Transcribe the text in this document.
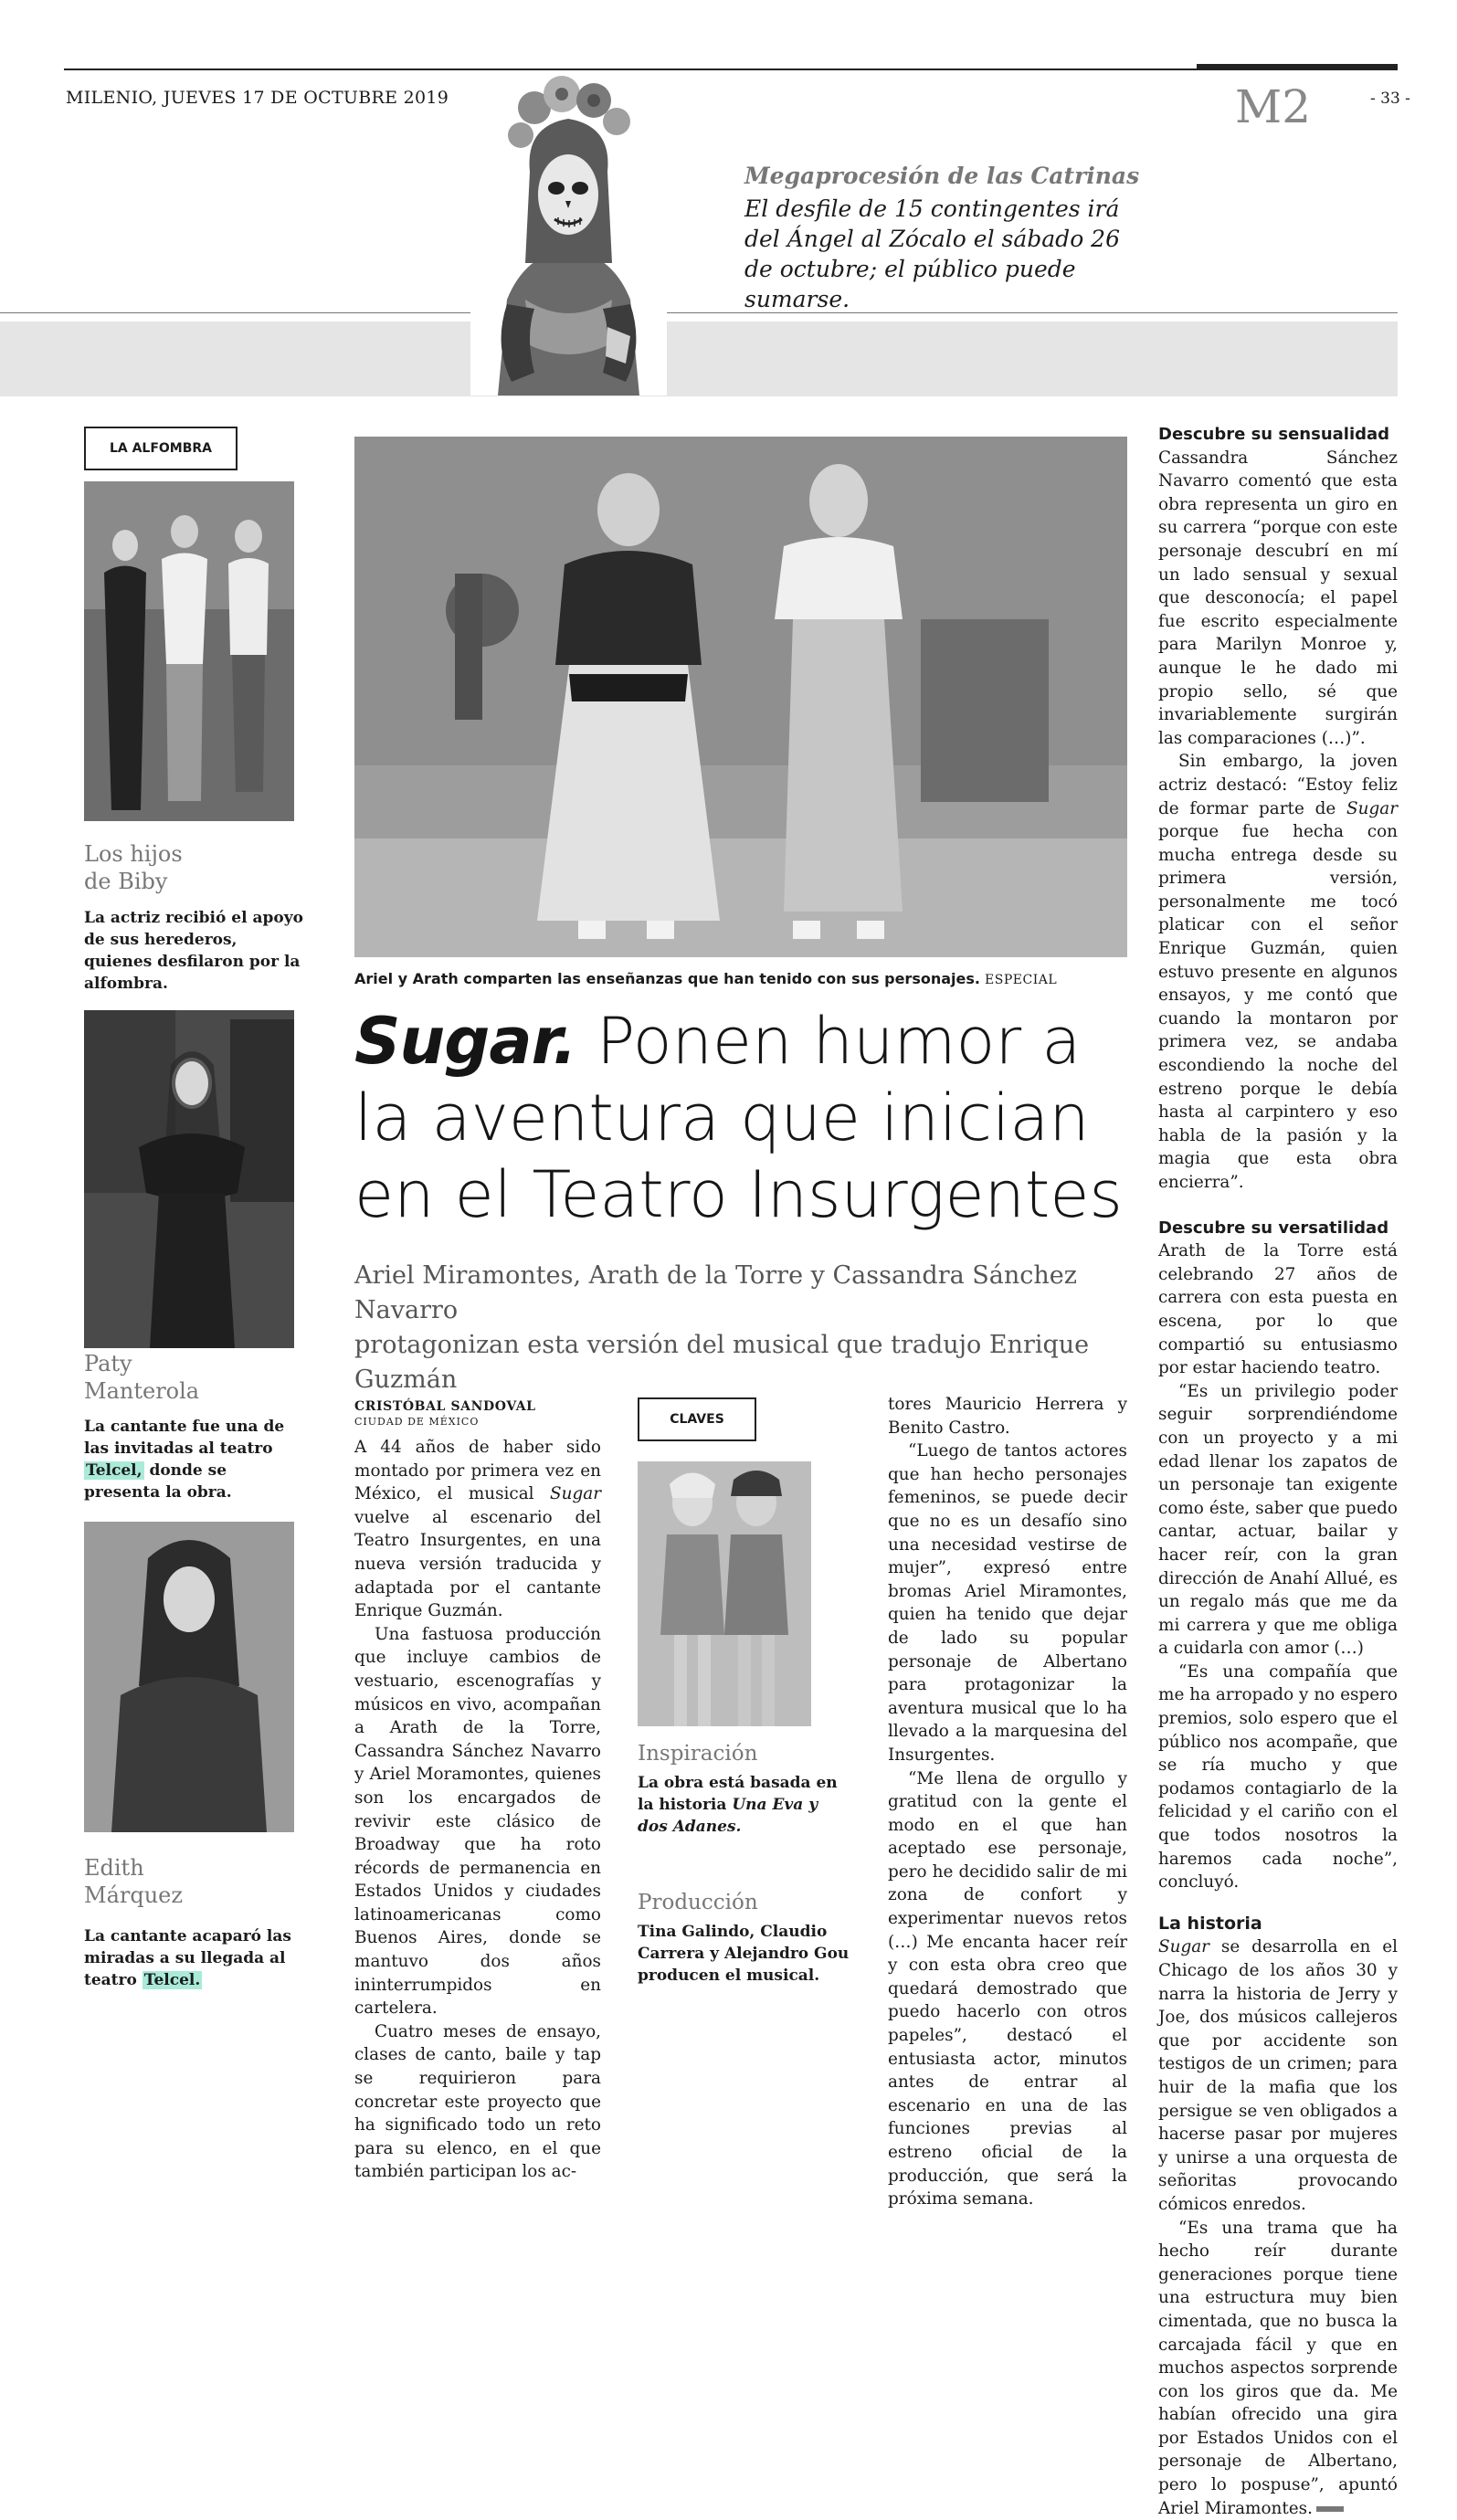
MILENIO, JUEVES 17 DE OCTUBRE 2019	M2	- 33 -
Megaprocesión de las Catrinas
El desfile de 15 contingentes irá del Ángel al Zócalo el sábado 26 de octubre; el público puede sumarse.
LA ALFOMBRA
Los hijos
de Biby
La actriz recibió el apoyo de sus herederos, quienes desfilaron por la alfombra.
Paty
Manterola
La cantante fue una de las invitadas al teatro Telcel, donde se presenta la obra.
Edith
Márquez
La cantante acaparó las miradas a su llegada al teatro Telcel.
Ariel y Arath comparten las enseñanzas que han tenido con sus personajes. ESPECIAL
Sugar. Ponen humor a
la aventura que inician
en el Teatro Insurgentes
Ariel Miramontes, Arath de la Torre y Cassandra Sánchez Navarro
protagonizan esta versión del musical que tradujo Enrique Guzmán
CRISTÓBAL SANDOVAL
CIUDAD DE MÉXICO

A 44 años de haber sido montado por primera vez en México, el musical Sugar vuelve al escenario del Teatro Insurgentes, en una nueva versión traducida y adaptada por el cantante Enrique Guzmán.

Una fastuosa producción que incluye cambios de vestuario, escenografías y músicos en vivo, acompañan a Arath de la Torre, Cassandra Sánchez Navarro y Ariel Moramontes, quienes son los encargados de revivir este clásico de Broadway que ha roto récords de permanencia en Estados Unidos y ciudades latinoamericanas como Buenos Aires, donde se mantuvo dos años ininterrumpidos en cartelera.

Cuatro meses de ensayo, clases de canto, baile y tap se requirieron para concretar este proyecto que ha significado todo un reto para su elenco, en el que también participan los ac-

CLAVES
Inspiración
La obra está basada en la historia Una Eva y dos Adanes.
Producción
Tina Galindo, Claudio Carrera y Alejandro Gou producen el musical.

tores Mauricio Herrera y Benito Castro.

“Luego de tantos actores que han hecho personajes femeninos, se puede decir que no es un desafío sino una necesidad vestirse de mujer”, expresó entre bromas Ariel Miramontes, quien ha tenido que dejar de lado su popular personaje de Albertano para protagonizar la aventura musical que lo ha llevado a la marquesina del Insurgentes.

“Me llena de orgullo y gratitud con la gente el modo en el que han aceptado ese personaje, pero he decidido salir de mi zona de confort y experimentar nuevos retos (…) Me encanta hacer reír y con esta obra creo que quedará demostrado que puedo hacerlo con otros papeles”, destacó el entusiasta actor, minutos antes de entrar al escenario en una de las funciones previas al estreno oficial de la producción, que será la próxima semana.

Descubre su sensualidad

Cassandra Sánchez Navarro comentó que esta obra representa un giro en su carrera “porque con este personaje descubrí en mí un lado sensual y sexual que desconocía; el papel fue escrito especialmente para Marilyn Monroe y, aunque le he dado mi propio sello, sé que invariablemente surgirán las comparaciones (…)”.

Sin embargo, la joven actriz destacó: “Estoy feliz de formar parte de Sugar porque fue hecha con mucha entrega desde su primera versión, personalmente me tocó platicar con el señor Enrique Guzmán, quien estuvo presente en algunos ensayos, y me contó que cuando la montaron por primera vez, se andaba escondiendo la noche del estreno porque le debía hasta al carpintero y eso habla de la pasión y la magia que esta obra encierra”.

Descubre su versatilidad

Arath de la Torre está celebrando 27 años de carrera con esta puesta en escena, por lo que compartió su entusiasmo por estar haciendo teatro.

“Es un privilegio poder seguir sorprendiéndome con un proyecto y a mi edad llenar los zapatos de un personaje tan exigente como éste, saber que puedo cantar, actuar, bailar y hacer reír, con la gran dirección de Anahí Allué, es un regalo más que me da mi carrera y que me obliga a cuidarla con amor (…)

“Es una compañía que me ha arropado y no espero premios, solo espero que el público nos acompañe, que se ría mucho y que podamos contagiarlo de la felicidad y el cariño con el que todos nosotros la haremos cada noche”, concluyó.

La historia

Sugar se desarrolla en el Chicago de los años 30 y narra la historia de Jerry y Joe, dos músicos callejeros que por accidente son testigos de un crimen; para huir de la mafia que los persigue se ven obligados a hacerse pasar por mujeres y unirse a una orquesta de señoritas provocando cómicos enredos.

“Es una trama que ha hecho reír durante generaciones porque tiene una estructura muy bien cimentada, que no busca la carcajada fácil y que en muchos aspectos sorprende con los giros que da. Me habían ofrecido una gira por Estados Unidos con el personaje de Albertano, pero lo pospuse”, apuntó Ariel Miramontes.
